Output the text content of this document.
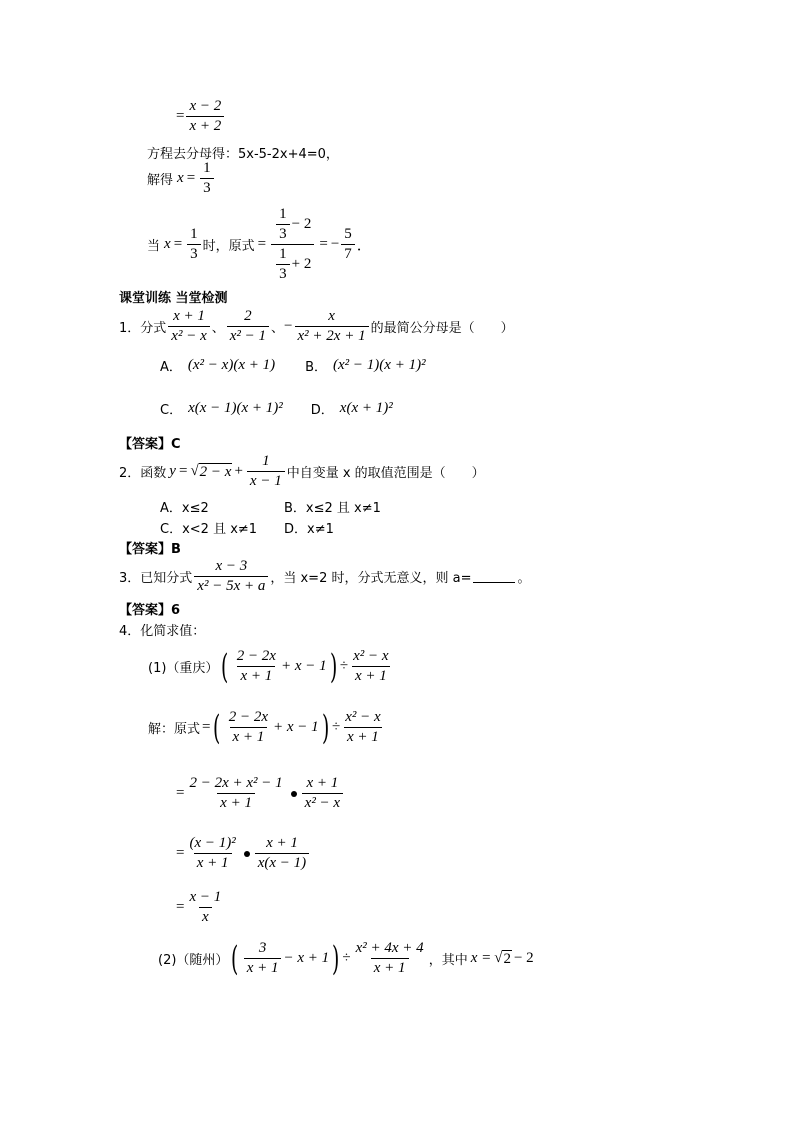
= $\frac{x - 2}{x + 2}$
方程去分母得：5x-5-2x+4=0，
解得 $x = \frac{1}{3}$
当 $x = \frac{1}{3}$ 时，原式 = $\frac{\frac{1}{3} - 2}{\frac{1}{3} + 2}$ = − $\frac{5}{7}$ ．
课堂训练 当堂检测
1． 分式 $\frac{x + 1}{\text{x² − x}}$ 、 $\frac{2}{\text{x² − 1}}$ 、 − $\frac{x}{\text{x² + 2x + 1}}$ 的最简公分母是（　　）
A． (x² − x)(x + 1) B． (x² − 1)(x + 1)²
C． x(x − 1)(x + 1)² D． x(x + 1)²
【答案】C
2． 函数 y = √ $2 - x + \frac{1}{x - 1}$ 中自变量 x 的取值范围是（　　）
A．x≤2	B．x≤2 且 x≠1
C．x<2 且 x≠1	D．x≠1
【答案】B
3． 已知分式 $\frac{x - 3}{\text{x² − 5x + a}}$ ，当 x=2 时，分式无意义，则 a=	。
【答案】6
4．化简求值：
(1)（重庆） ( $\frac{2 - 2x}{x + 1} + x - 1$ ) ÷ $\frac{\text{x² − x}}{x + 1}$
解：原式 = ( $\frac{2 - 2x}{x + 1} + x - 1$ ) ÷ $\frac{\text{x² − x}}{x + 1}$
= $\frac{\text{2 − 2x + x² − 1}}{x + 1} \frac{x + 1}{\text{x² − x}}$
= $\frac{\text{(x − 1)²}}{x + 1} \frac{x + 1}{x(x - 1)}$
= $\frac{x - 1}{x}$
(2)（随州） ( $\frac{3}{x + 1} - x + 1$ ) ÷ $\frac{\text{x² + 4x + 4}}{x + 1}$ ，其中 x = √ 2 − 2
